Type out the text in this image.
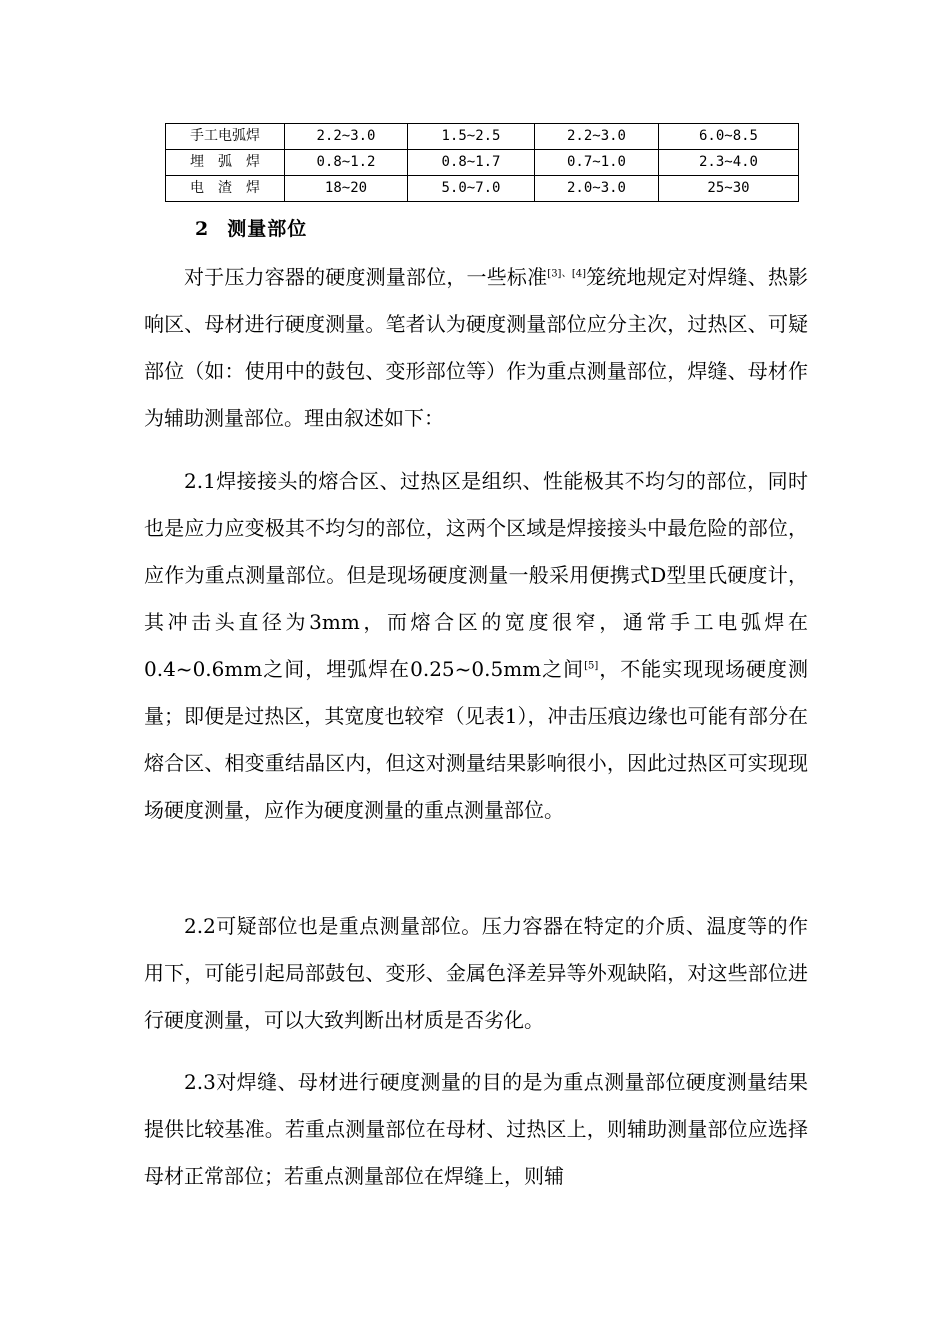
手工电弧焊	2.2~3.0	1.5~2.5	2.2~3.0	6.0~8.5
埋　弧　焊	0.8~1.2	0.8~1.7	0.7~1.0	2.3~4.0
电　渣　焊	18~20	5.0~7.0	2.0~3.0	25~30
2 测量部位

对于压力容器的硬度测量部位，一些标准[3]、[4]笼统地规定对焊缝、热影响区、母材进行硬度测量。笔者认为硬度测量部位应分主次，过热区、可疑部位（如：使用中的鼓包、变形部位等）作为重点测量部位，焊缝、母材作为辅助测量部位。理由叙述如下：

2.1焊接接头的熔合区、过热区是组织、性能极其不均匀的部位，同时也是应力应变极其不均匀的部位，这两个区域是焊接接头中最危险的部位，应作为重点测量部位。但是现场硬度测量一般采用便携式D型里氏硬度计，其冲击头直径为3mm，而熔合区的宽度很窄，通常手工电弧焊在0.4~0.6mm之间，埋弧焊在0.25~0.5mm之间[5]，不能实现现场硬度测量；即便是过热区，其宽度也较窄（见表1），冲击压痕边缘也可能有部分在熔合区、相变重结晶区内，但这对测量结果影响很小，因此过热区可实现现场硬度测量，应作为硬度测量的重点测量部位。

2.2可疑部位也是重点测量部位。压力容器在特定的介质、温度等的作用下，可能引起局部鼓包、变形、金属色泽差异等外观缺陷，对这些部位进行硬度测量，可以大致判断出材质是否劣化。

2.3对焊缝、母材进行硬度测量的目的是为重点测量部位硬度测量结果提供比较基准。若重点测量部位在母材、过热区上，则辅助测量部位应选择母材正常部位；若重点测量部位在焊缝上，则辅
